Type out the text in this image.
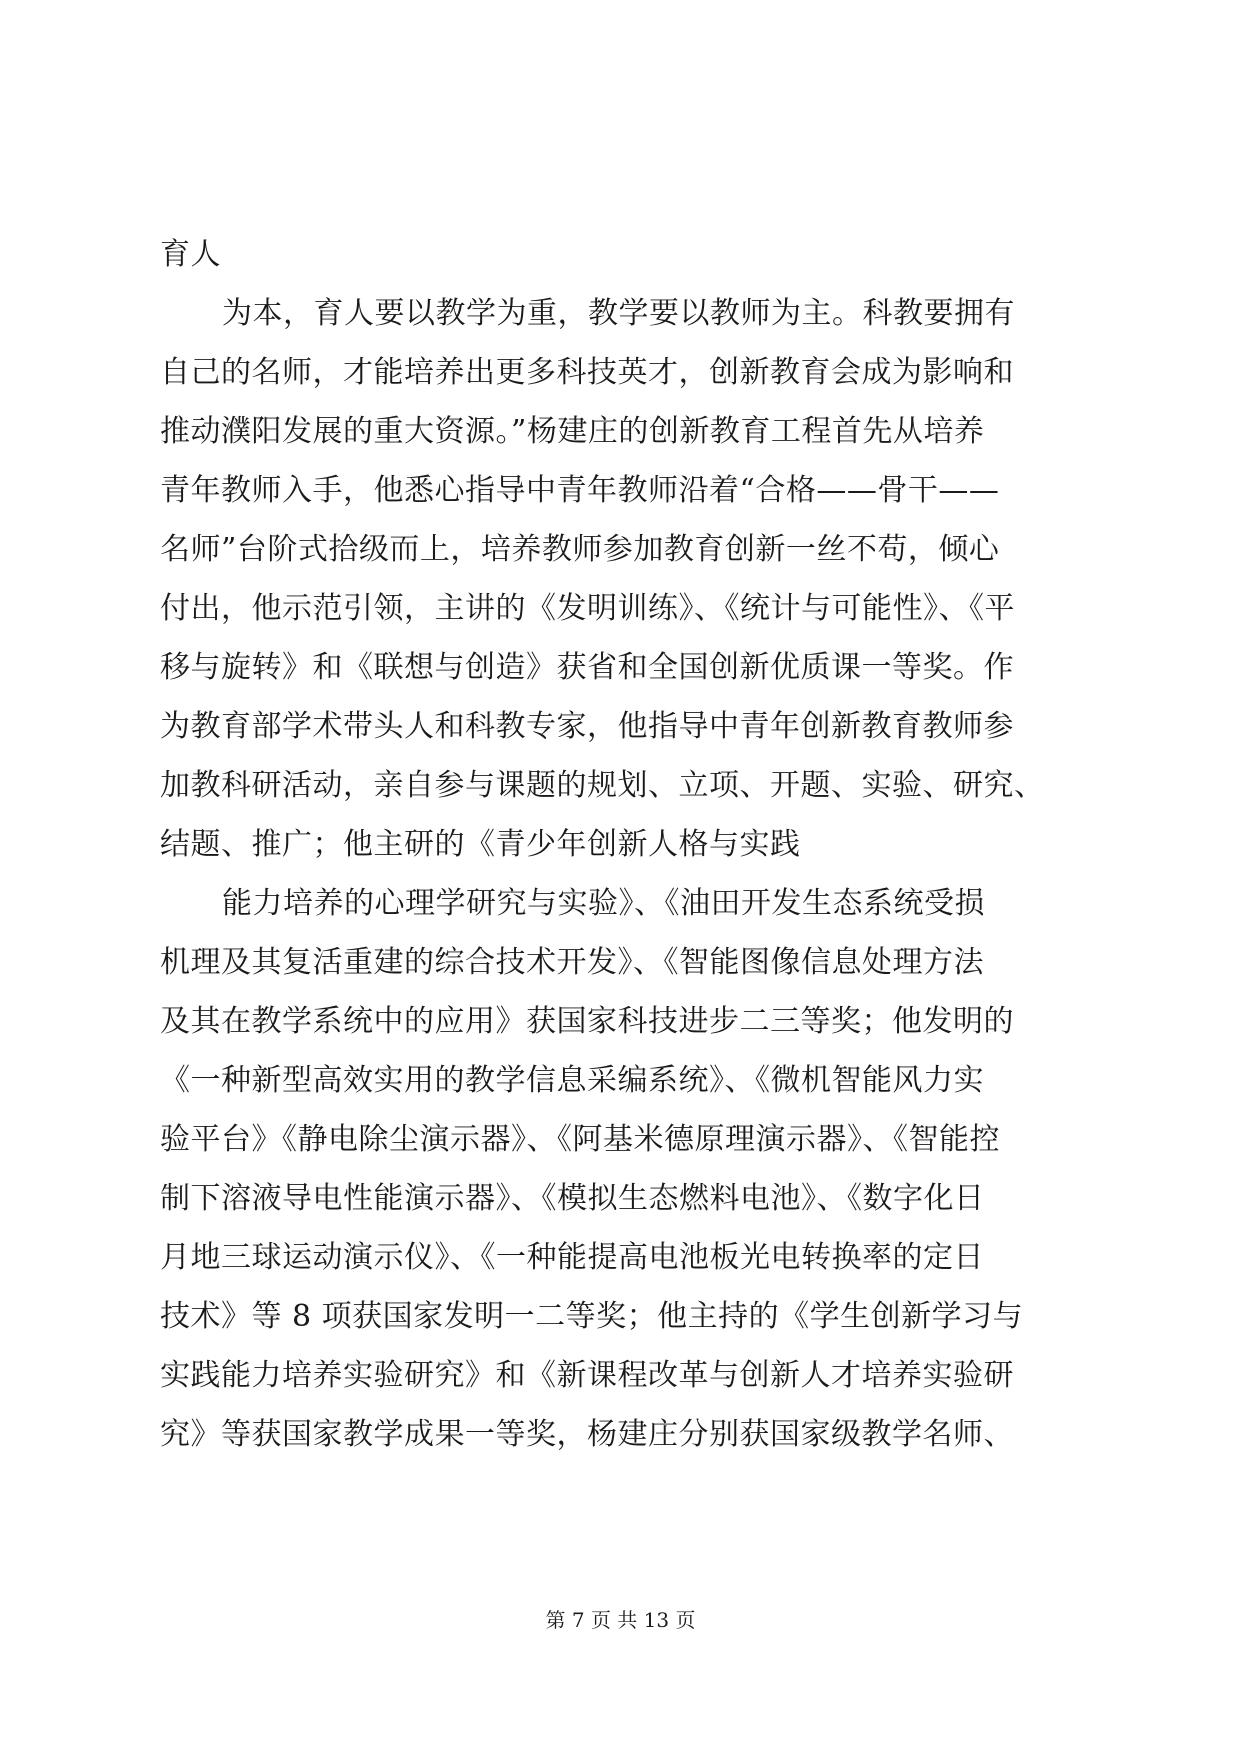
育人
为本，育人要以教学为重，教学要以教师为主。科教要拥有
自己的名师，才能培养出更多科技英才，创新教育会成为影响和
推动濮阳发展的重大资源。”杨建庄的创新教育工程首先从培养
青年教师入手，他悉心指导中青年教师沿着“合格——骨干——
名师”台阶式拾级而上，培养教师参加教育创新一丝不苟，倾心
付出，他示范引领，主讲的《发明训练》、《统计与可能性》、《平
移与旋转》和《联想与创造》获省和全国创新优质课一等奖。作
为教育部学术带头人和科教专家，他指导中青年创新教育教师参
加教科研活动，亲自参与课题的规划、立项、开题、实验、研究、
结题、推广；他主研的《青少年创新人格与实践
能力培养的心理学研究与实验》、《油田开发生态系统受损
机理及其复活重建的综合技术开发》、《智能图像信息处理方法
及其在教学系统中的应用》获国家科技进步二三等奖；他发明的
《一种新型高效实用的教学信息采编系统》、《微机智能风力实
验平台》《静电除尘演示器》、《阿基米德原理演示器》、《智能控
制下溶液导电性能演示器》、《模拟生态燃料电池》、《数字化日
月地三球运动演示仪》、《一种能提高电池板光电转换率的定日
技术》等 8 项获国家发明一二等奖；他主持的《学生创新学习与
实践能力培养实验研究》和《新课程改革与创新人才培养实验研
究》等获国家教学成果一等奖，杨建庄分别获国家级教学名师、
第 7 页 共 13 页
